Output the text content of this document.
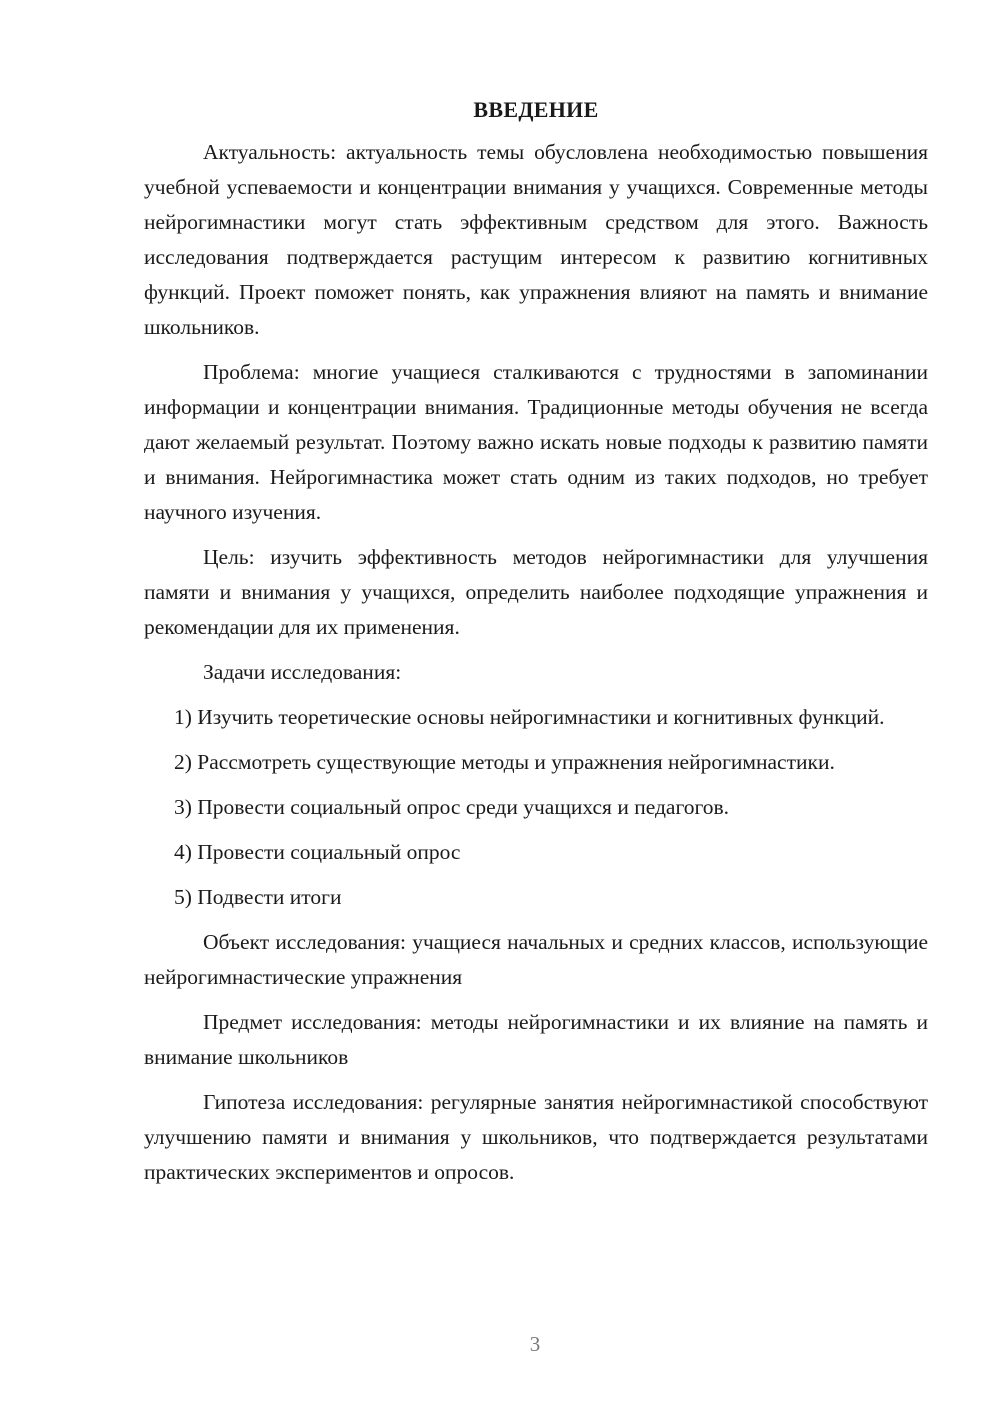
ВВЕДЕНИЕ

Актуальность: актуальность темы обусловлена необходимостью повышения учебной успеваемости и концентрации внимания у учащихся. Современные методы нейрогимнастики могут стать эффективным средством для этого. Важность исследования подтверждается растущим интересом к развитию когнитивных функций. Проект поможет понять, как упражнения влияют на память и внимание школьников.

Проблема: многие учащиеся сталкиваются с трудностями в запоминании информации и концентрации внимания. Традиционные методы обучения не всегда дают желаемый результат. Поэтому важно искать новые подходы к развитию памяти и внимания. Нейрогимнастика может стать одним из таких подходов, но требует научного изучения.

Цель: изучить эффективность методов нейрогимнастики для улучшения памяти и внимания у учащихся, определить наиболее подходящие упражнения и рекомендации для их применения.

Задачи исследования:

1) Изучить теоретические основы нейрогимнастики и когнитивных функций.

2) Рассмотреть существующие методы и упражнения нейрогимнастики.

3) Провести социальный опрос среди учащихся и педагогов.

4) Провести социальный опрос

5) Подвести итоги

Объект исследования: учащиеся начальных и средних классов, использующие нейрогимнастические упражнения

Предмет исследования: методы нейрогимнастики и их влияние на память и внимание школьников

Гипотеза исследования: регулярные занятия нейрогимнастикой способствуют улучшению памяти и внимания у школьников, что подтверждается результатами практических экспериментов и опросов.

3
